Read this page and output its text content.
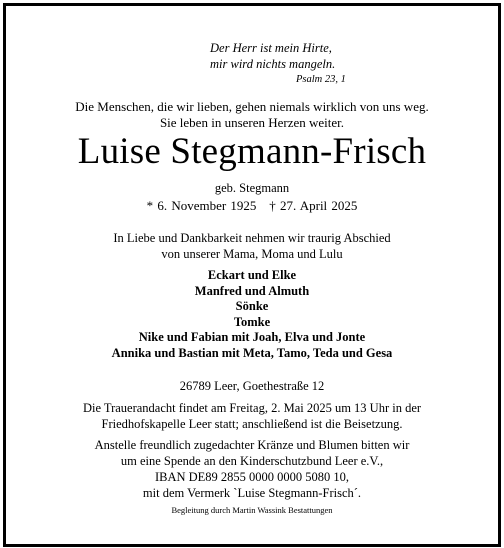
Der Herr ist mein Hirte,
mir wird nichts mangeln.
Psalm 23, 1
Die Menschen, die wir lieben, gehen niemals wirklich von uns weg.
Sie leben in unseren Herzen weiter.
Luise Stegmann-Frisch
geb. Stegmann
* 6. November 1925 † 27. April 2025
In Liebe und Dankbarkeit nehmen wir traurig Abschied
von unserer Mama, Moma und Lulu
Eckart und Elke
Manfred und Almuth
Sönke
Tomke
Nike und Fabian mit Joah, Elva und Jonte
Annika und Bastian mit Meta, Tamo, Teda und Gesa
26789 Leer, Goethestraße 12
Die Trauerandacht findet am Freitag, 2. Mai 2025 um 13 Uhr in der
Friedhofskapelle Leer statt; anschließend ist die Beisetzung.
Anstelle freundlich zugedachter Kränze und Blumen bitten wir
um eine Spende an den Kinderschutzbund Leer e.V.,
IBAN DE89 2855 0000 0000 5080 10,
mit dem Vermerk `Luise Stegmann-Frisch´.
Begleitung durch Martin Wassink Bestattungen
